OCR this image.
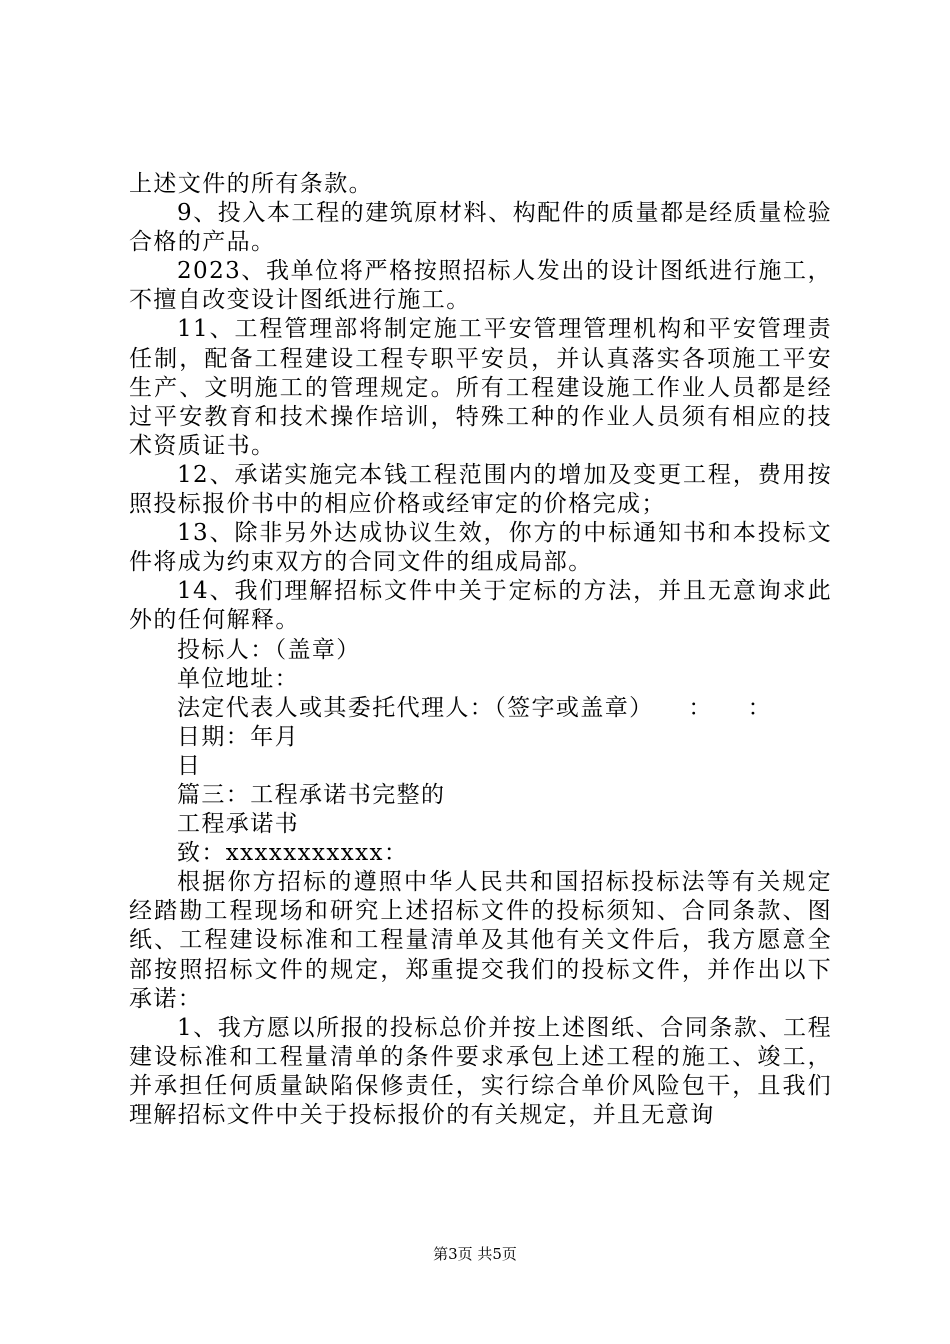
上述文件的所有条款。

9、投入本工程的建筑原材料、构配件的质量都是经质量检验合格的产品。

2023、我单位将严格按照招标人发出的设计图纸进行施工，不擅自改变设计图纸进行施工。

11、工程管理部将制定施工平安管理管理机构和平安管理责任制，配备工程建设工程专职平安员，并认真落实各项施工平安生产、文明施工的管理规定。所有工程建设施工作业人员都是经过平安教育和技术操作培训，特殊工种的作业人员须有相应的技术资质证书。

12、承诺实施完本钱工程范围内的增加及变更工程，费用按照投标报价书中的相应价格或经审定的价格完成；

13、除非另外达成协议生效，你方的中标通知书和本投标文件将成为约束双方的合同文件的组成局部。

14、我们理解招标文件中关于定标的方法，并且无意询求此外的任何解释。

投标人：（盖章）

单位地址：

法定代表人或其委托代理人：（签字或盖章）    ：    ：

日期：年月

日

篇三：工程承诺书完整的

工程承诺书

致：xxxxxxxxxxx：

根据你方招标的遵照中华人民共和国招标投标法等有关规定经踏勘工程现场和研究上述招标文件的投标须知、合同条款、图纸、工程建设标准和工程量清单及其他有关文件后，我方愿意全部按照招标文件的规定，郑重提交我们的投标文件，并作出以下承诺：

1、我方愿以所报的投标总价并按上述图纸、合同条款、工程建设标准和工程量清单的条件要求承包上述工程的施工、竣工，并承担任何质量缺陷保修责任，实行综合单价风险包干，且我们理解招标文件中关于投标报价的有关规定，并且无意询

第3页 共5页
